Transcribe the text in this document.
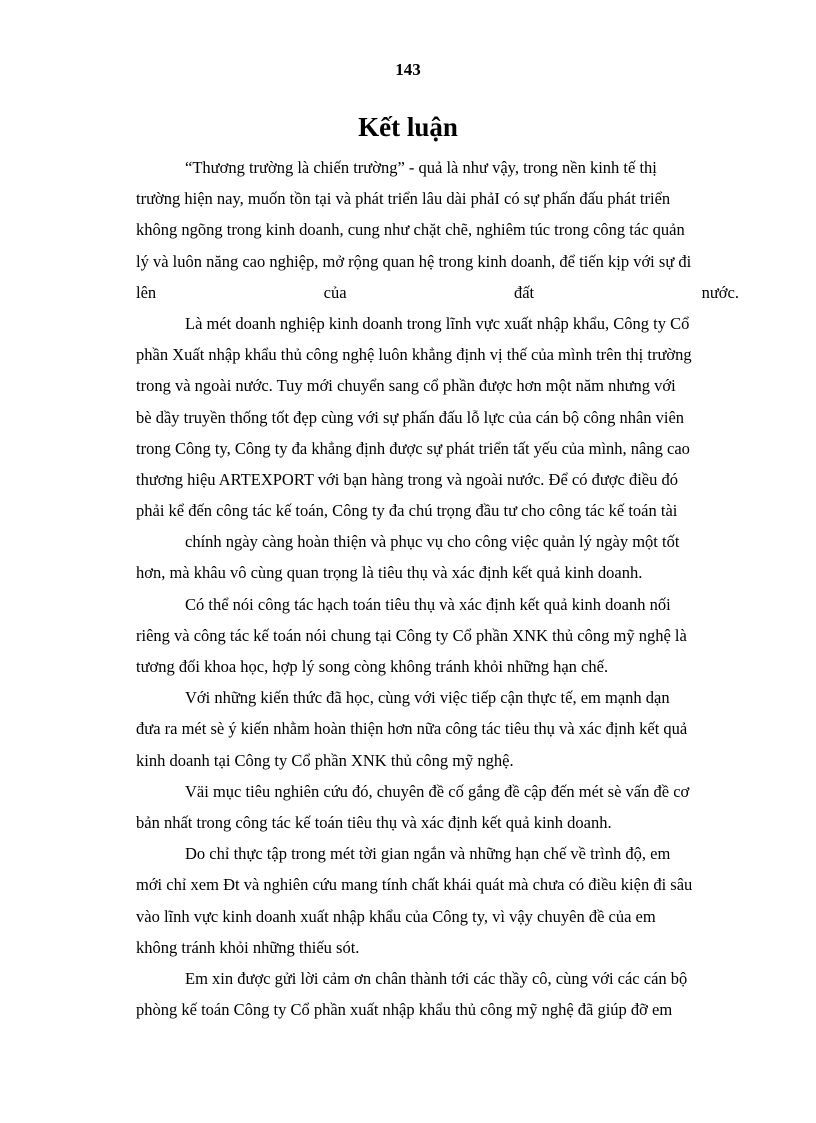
143
Kết luận
“Thương trường là chiến trường” - quả là như vậy, trong nền kinh tế thị
trường hiện nay, muốn tồn tại và phát triển lâu dài phảI có sự phấn đấu phát triển
không ngõng trong kinh doanh, cung như chặt chẽ, nghiêm túc trong công tác quản
lý và luôn năng cao nghiệp, mở rộng quan hệ trong kinh doanh, để tiến kịp với sự đi
lên	của	đất	nước.
Là mét doanh nghiệp kinh doanh trong lĩnh vực xuất nhập khẩu, Công ty Cổ
phần Xuất nhập khẩu thủ công nghệ luôn khẳng định vị thế của mình trên thị trường
trong và ngoài nước. Tuy mới chuyển sang cổ phần được hơn một năm nhưng với
bè dầy truyền thống tốt đẹp cùng với sự phấn đấu lỗ lực của cán bộ công nhân viên
trong Công ty, Công ty đa khẳng định được sự phát triển tất yếu của mình, nâng cao
thương hiệu ARTEXPORT với bạn hàng trong và ngoài nước. Để có được điều đó
phải kể đến công tác kế toán, Công ty đa chú trọng đầu tư cho công tác kế toán tài
chính ngày càng hoàn thiện và phục vụ cho công việc quản lý ngày một tốt
hơn, mà khâu vô cùng quan trọng là tiêu thụ và xác định kết quả kinh doanh.
Có thể nói công tác hạch toán tiêu thụ và xác định kết quả kinh doanh nối
riêng và công tác kế toán nói chung tại Công ty Cổ phần XNK thủ công mỹ nghệ là
tương đối khoa học, hợp lý song còng không tránh khỏi những hạn chế.
Với những kiến thức đã học, cùng với việc tiếp cận thực tế, em mạnh dạn
đưa ra mét sè ý kiến nhằm hoàn thiện hơn nữa công tác tiêu thụ và xác định kết quả
kinh doanh tại Công ty Cổ phần XNK thủ công mỹ nghệ.
Väi mục tiêu nghiên cứu đó, chuyên đề cố gắng đề cập đến mét sè vấn đề cơ
bản nhất trong công tác kế toán tiêu thụ và xác định kết quả kinh doanh.
Do chỉ thực tập trong mét tời gian ngắn và những hạn chế về trình độ, em
mới chỉ xem Đt và nghiên cứu mang tính chất khái quát mà chưa có điều kiện đi sâu
vào lĩnh vực kinh doanh xuất nhập khẩu của Công ty, vì vậy chuyên đề của em
không tránh khỏi những thiếu sót.
Em xin được gửi lời cảm ơn chân thành tới các thầy cô, cùng với các cán bộ
phòng kế toán Công ty Cổ phần xuất nhập khẩu thủ công mỹ nghệ đã giúp đỡ em
